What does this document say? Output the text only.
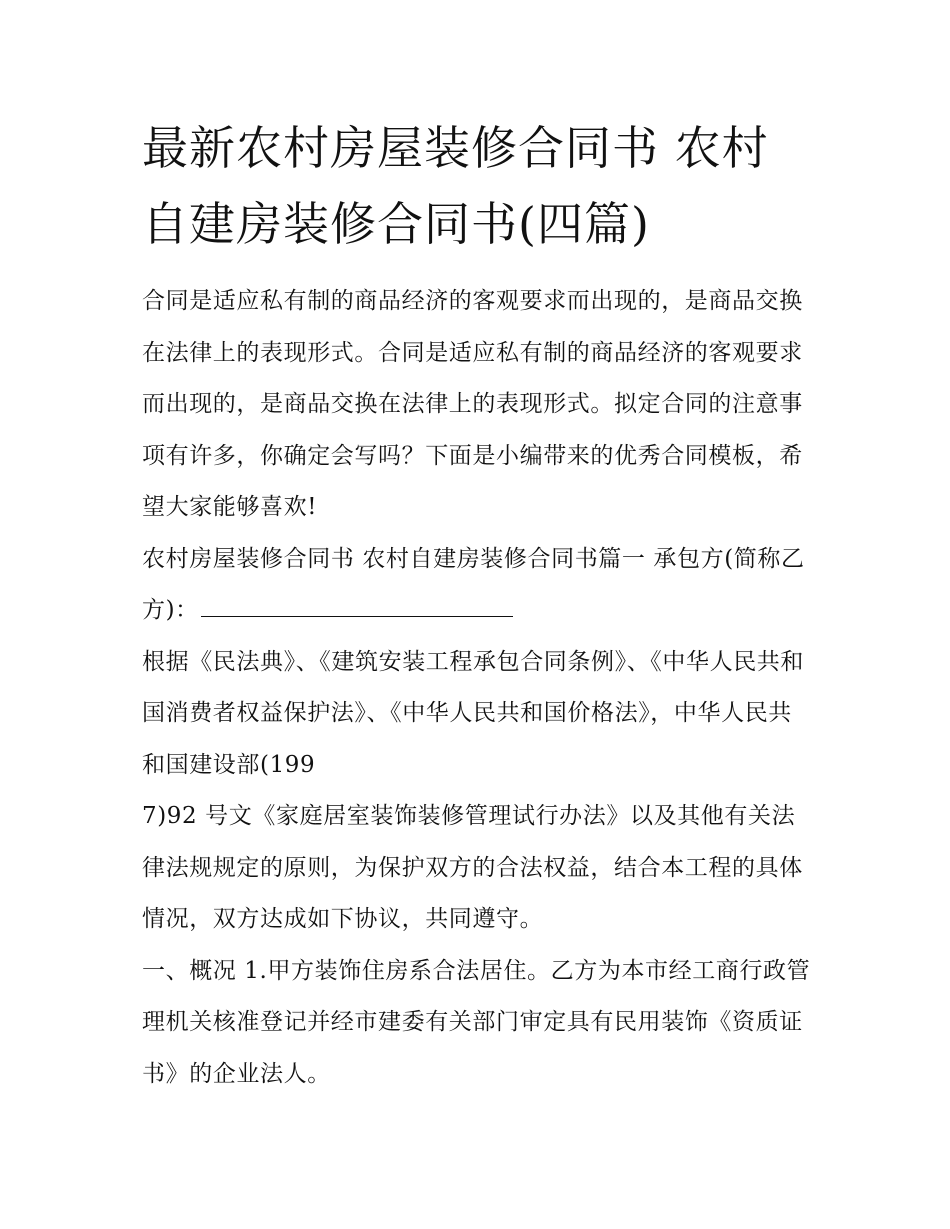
最新农村房屋装修合同书 农村
自建房装修合同书(四篇)

合同是适应私有制的商品经济的客观要求而出现的，是商品交换在法律上的表现形式。合同是适应私有制的商品经济的客观要求而出现的，是商品交换在法律上的表现形式。拟定合同的注意事项有许多，你确定会写吗？下面是小编带来的优秀合同模板，希望大家能够喜欢!

农村房屋装修合同书 农村自建房装修合同书篇一 承包方(简称乙方)：

根据《民法典》、《建筑安装工程承包合同条例》、《中华人民共和国消费者权益保护法》、《中华人民共和国价格法》，中华人民共和国建设部(199

7)92 号文《家庭居室装饰装修管理试行办法》以及其他有关法律法规规定的原则，为保护双方的合法权益，结合本工程的具体情况，双方达成如下协议，共同遵守。

一、概况 1.甲方装饰住房系合法居住。乙方为本市经工商行政管理机关核准登记并经市建委有关部门审定具有民用装饰《资质证书》的企业法人。
